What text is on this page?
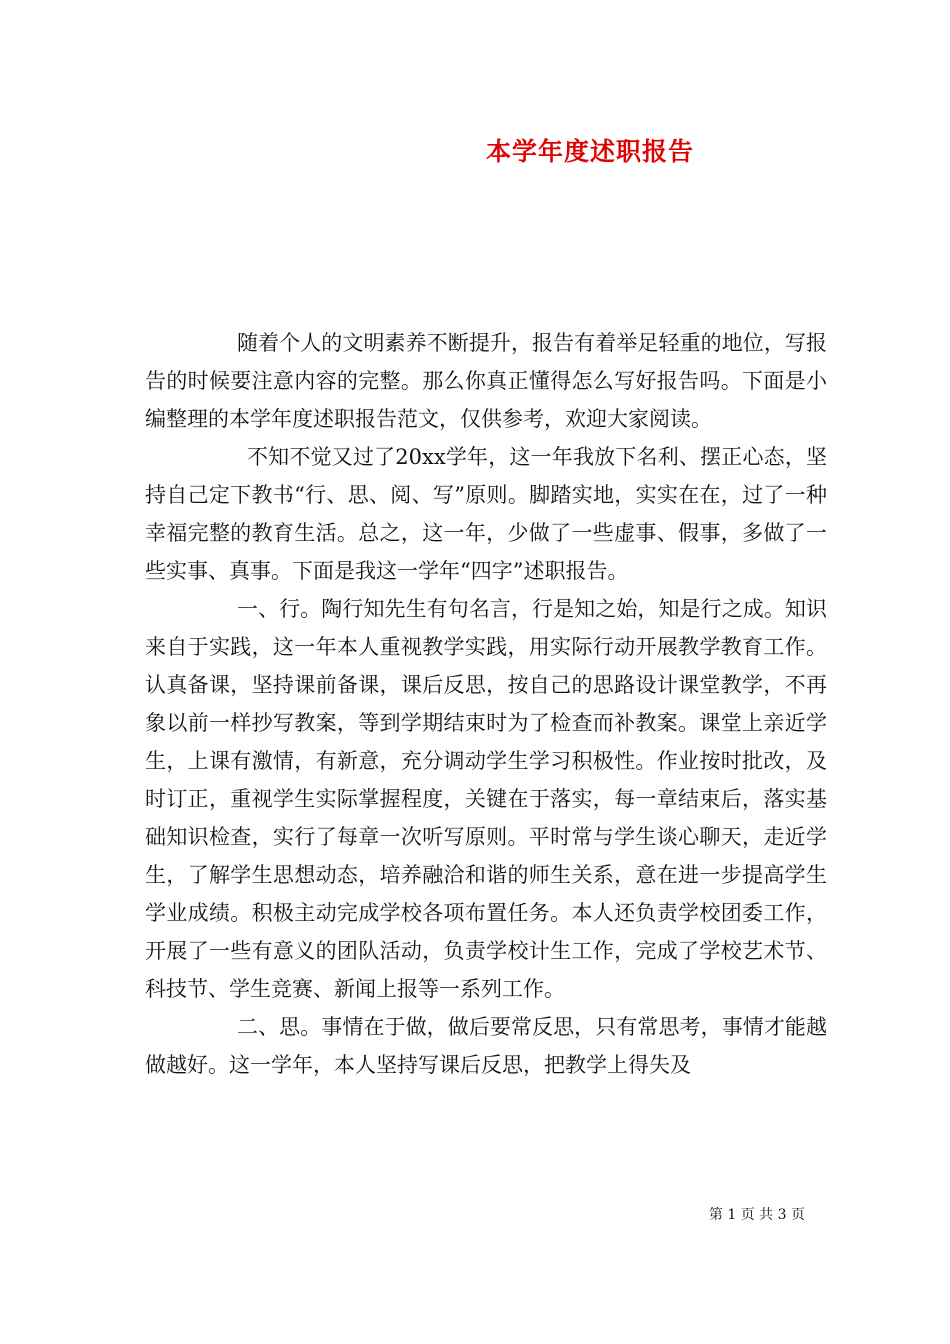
本学年度述职报告

随着个人的文明素养不断提升，报告有着举足轻重的地位，写报告的时候要注意内容的完整。那么你真正懂得怎么写好报告吗。下面是小编整理的本学年度述职报告范文，仅供参考，欢迎大家阅读。

不知不觉又过了20xx学年，这一年我放下名利、摆正心态，坚持自己定下教书“行、思、阅、写”原则。脚踏实地，实实在在，过了一种幸福完整的教育生活。总之，这一年，少做了一些虚事、假事，多做了一些实事、真事。下面是我这一学年“四字”述职报告。

一、行。陶行知先生有句名言，行是知之始，知是行之成。知识来自于实践，这一年本人重视教学实践，用实际行动开展教学教育工作。认真备课，坚持课前备课，课后反思，按自己的思路设计课堂教学，不再象以前一样抄写教案，等到学期结束时为了检查而补教案。课堂上亲近学生，上课有激情，有新意，充分调动学生学习积极性。作业按时批改，及时订正，重视学生实际掌握程度，关键在于落实，每一章结束后，落实基础知识检查，实行了每章一次听写原则。平时常与学生谈心聊天，走近学生，了解学生思想动态，培养融洽和谐的师生关系，意在进一步提高学生学业成绩。积极主动完成学校各项布置任务。本人还负责学校团委工作，开展了一些有意义的团队活动，负责学校计生工作，完成了学校艺术节、科技节、学生竞赛、新闻上报等一系列工作。

二、思。事情在于做，做后要常反思，只有常思考，事情才能越做越好。这一学年，本人坚持写课后反思，把教学上得失及

第 1 页 共 3 页
